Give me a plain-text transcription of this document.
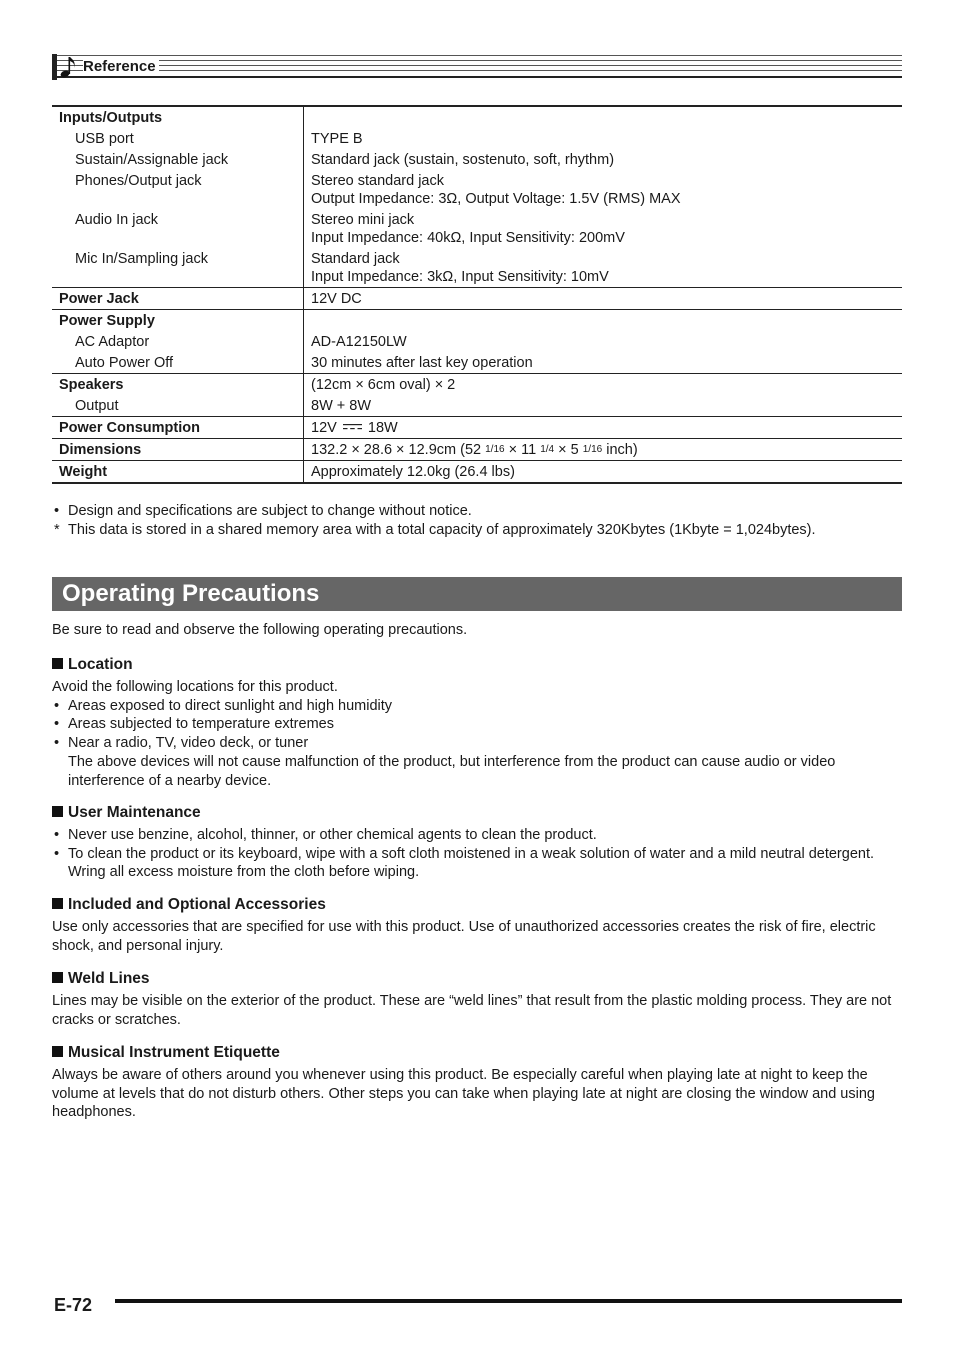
Reference
Inputs/Outputs	
USB port	TYPE B
Sustain/Assignable jack	Standard jack (sustain, sostenuto, soft, rhythm)
Phones/Output jack	Stereo standard jack
Output Impedance: 3Ω, Output Voltage: 1.5V (RMS) MAX

Audio In jack	Stereo mini jack
Input Impedance: 40kΩ, Input Sensitivity: 200mV

Mic In/Sampling jack	Standard jack
Input Impedance: 3kΩ, Input Sensitivity: 10mV

Power Jack	12V DC
Power Supply	
AC Adaptor	AD-A12150LW
Auto Power Off	30 minutes after last key operation
Speakers	(12cm × 6cm oval) × 2
Output	8W + 8W
Power Consumption	12V 18W
Dimensions	132.2 × 28.6 × 12.9cm (52 $^{1/16}$ × 11 $^{1/4}$ × 5 $^{1/16}$ inch)
Weight	Approximately 12.0kg (26.4 lbs)
• Design and specifications are subject to change without notice.
* This data is stored in a shared memory area with a total capacity of approximately 320Kbytes (1Kbyte = 1,024bytes).
Operating Precautions
Be sure to read and observe the following operating precautions.
Location

Avoid the following locations for this product.

• Areas exposed to direct sunlight and high humidity
• Areas subjected to temperature extremes
• Near a radio, TV, video deck, or tuner
The above devices will not cause malfunction of the product, but interference from the product can cause audio or video interference of a nearby device.
User Maintenance
• Never use benzine, alcohol, thinner, or other chemical agents to clean the product.
• To clean the product or its keyboard, wipe with a soft cloth moistened in a weak solution of water and a mild neutral detergent. Wring all excess moisture from the cloth before wiping.
Included and Optional Accessories

Use only accessories that are specified for use with this product. Use of unauthorized accessories creates the risk of fire, electric shock, and personal injury.

Weld Lines

Lines may be visible on the exterior of the product. These are “weld lines” that result from the plastic molding process. They are not cracks or scratches.

Musical Instrument Etiquette

Always be aware of others around you whenever using this product. Be especially careful when playing late at night to keep the volume at levels that do not disturb others. Other steps you can take when playing late at night are closing the window and using headphones.

E-72
